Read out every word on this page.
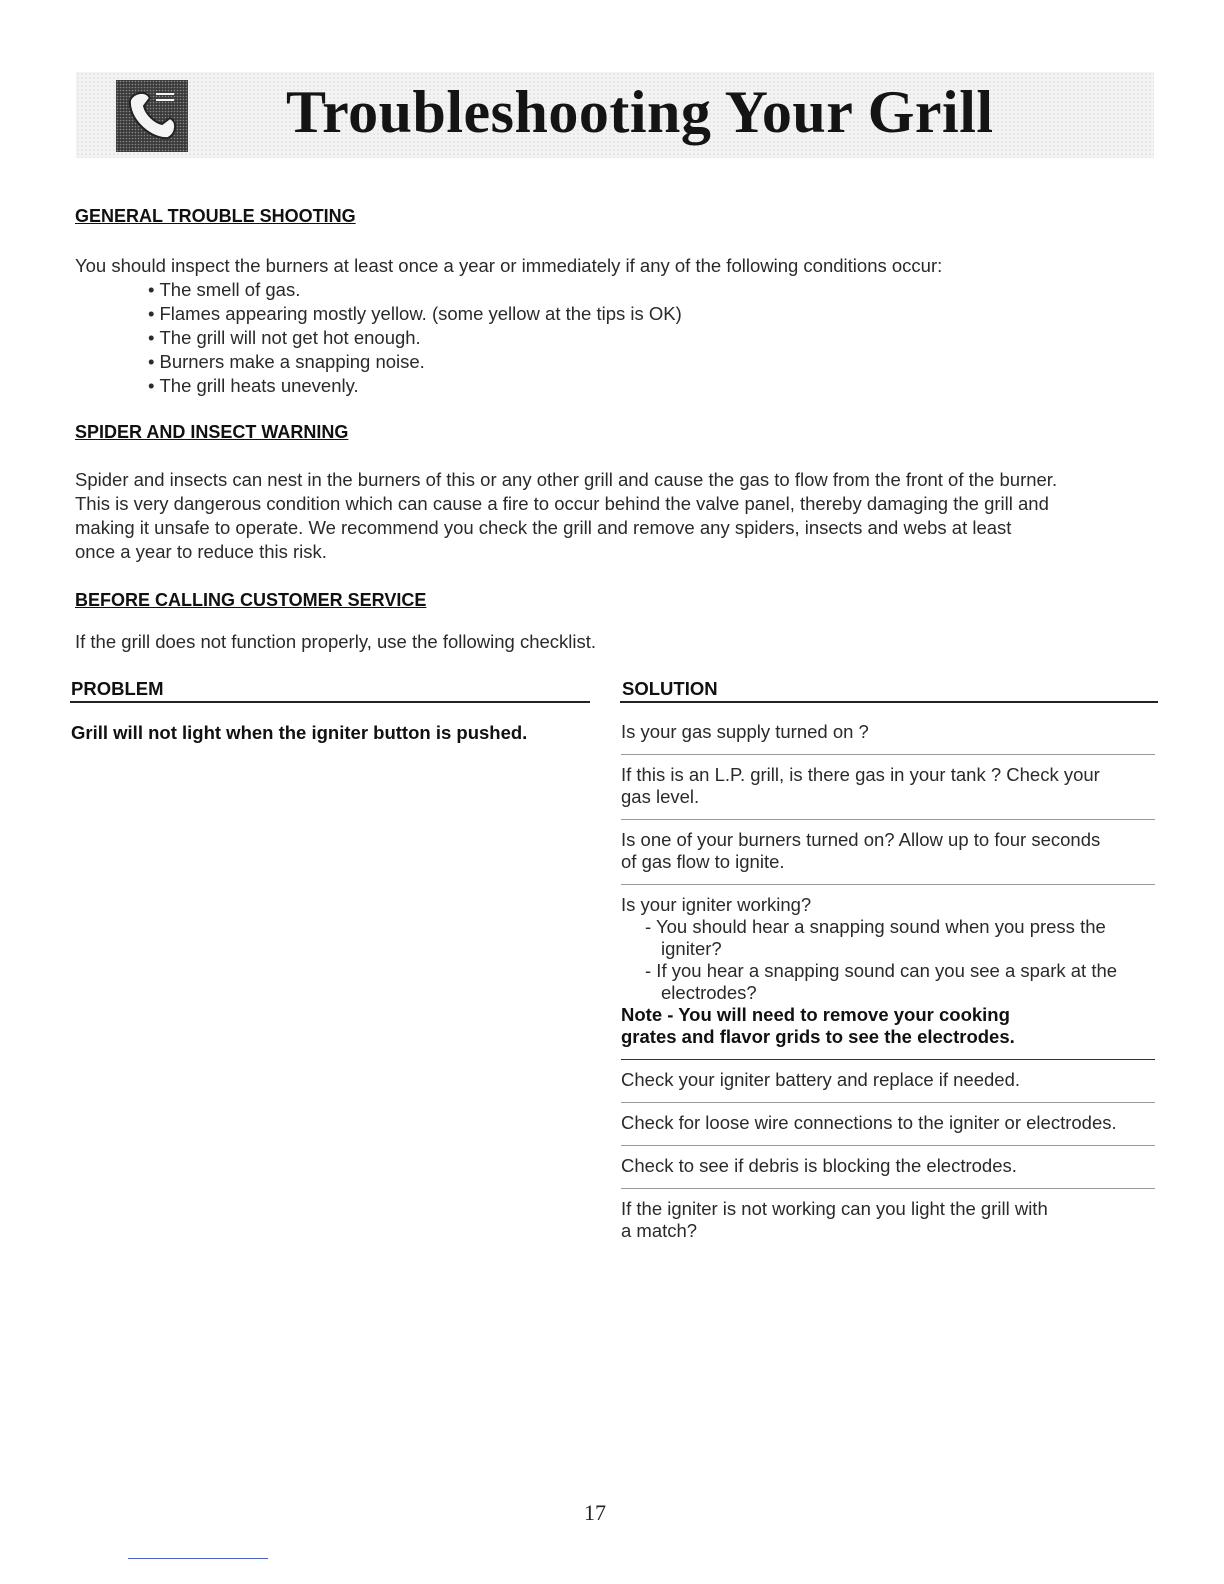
Troubleshooting Your Grill
GENERAL TROUBLE SHOOTING
You should inspect the burners at least once a year or immediately if any of the following conditions occur:
• The smell of gas.
• Flames appearing mostly yellow. (some yellow at the tips is OK)
• The grill will not get hot enough.
• Burners make a snapping noise.
• The grill heats unevenly.
SPIDER AND INSECT WARNING
Spider and insects can nest in the burners of this or any other grill and cause the gas to flow from the front of the burner.
This is very dangerous condition which can cause a fire to occur behind the valve panel, thereby damaging the grill and
making it unsafe to operate. We recommend you check the grill and remove any spiders, insects and webs at least
once a year to reduce this risk.
BEFORE CALLING CUSTOMER SERVICE
If the grill does not function properly, use the following checklist.
PROBLEM	SOLUTION
Grill will not light when the igniter button is pushed.	Is your gas supply turned on ?
If this is an L.P. grill, is there gas in your tank ? Check your
gas level.
Is one of your burners turned on? Allow up to four seconds
of gas flow to ignite.
Is your igniter working?
- You should hear a snapping sound when you press the igniter?
- If you hear a snapping sound can you see a spark at the electrodes?
Note - You will need to remove your cooking
grates and flavor grids to see the electrodes.
Check your igniter battery and replace if needed.
Check for loose wire connections to the igniter or electrodes.
Check to see if debris is blocking the electrodes.
If the igniter is not working can you light the grill with
a match?
17
